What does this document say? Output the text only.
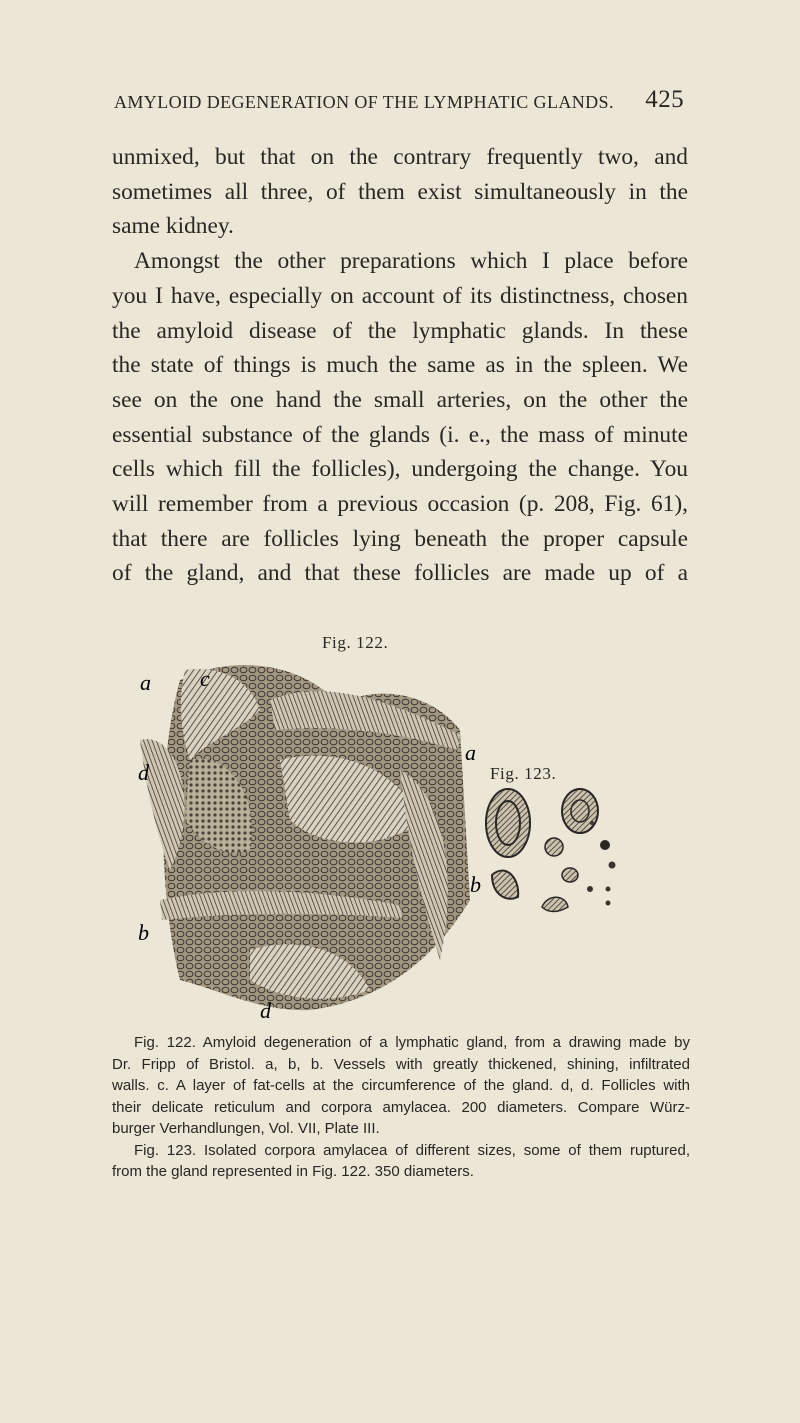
AMYLOID DEGENERATION OF THE LYMPHATIC GLANDS. 425

unmixed, but that on the contrary frequently two, and
sometimes all three, of them exist simultaneously in the
same kidney.
Amongst the other preparations which I place before
you I have, especially on account of its distinctness, chosen
the amyloid disease of the lymphatic glands. In these
the state of things is much the same as in the spleen. We
see on the one hand the small arteries, on the other the
essential substance of the glands (i. e., the mass of minute
cells which fill the follicles), undergoing the change. You
will remember from a previous occasion (p. 208, Fig. 61),
that there are follicles lying beneath the proper capsule
of the gland, and that these follicles are made up of a

Fig. 122.
a c
a
d
b
b
d
Fig. 123.

Fig. 122. Amyloid degeneration of a lymphatic gland, from a drawing made by
Dr. Fripp of Bristol. a, b, b. Vessels with greatly thickened, shining, infiltrated
walls. c. A layer of fat-cells at the circumference of the gland. d, d. Follicles with
their delicate reticulum and corpora amylacea. 200 diameters. Compare Würz-
burger Verhandlungen, Vol. VII, Plate III.
Fig. 123. Isolated corpora amylacea of different sizes, some of them ruptured,
from the gland represented in Fig. 122. 350 diameters.
